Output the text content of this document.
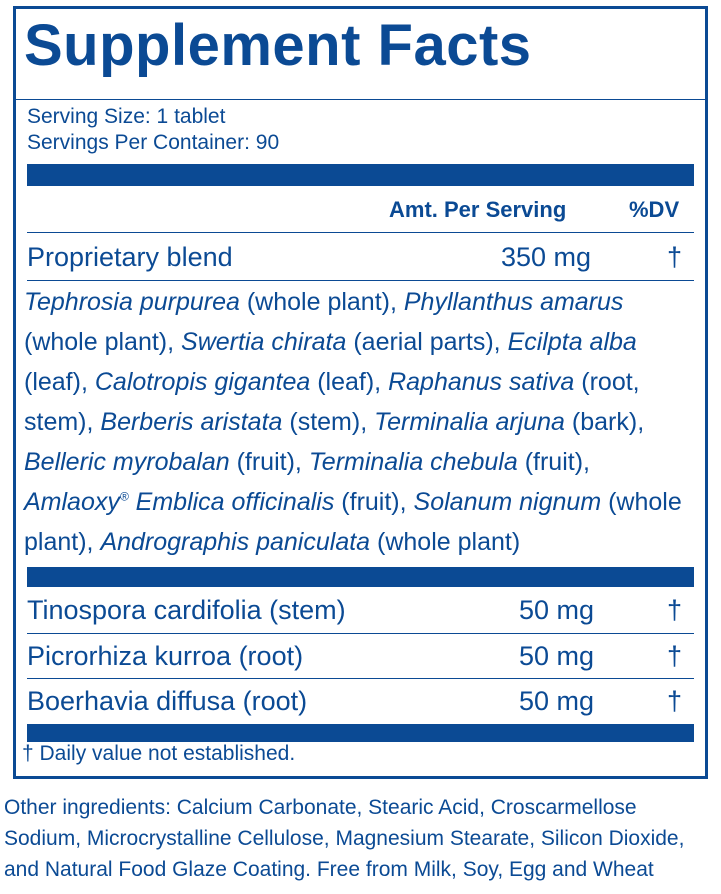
Supplement Facts
Serving Size: 1 tablet
Servings Per Container: 90
Amt. Per Serving	%DV
Proprietary blend	350 mg	†
Tinospora cardifolia (stem)	50 mg	†
Picrorhiza kurroa (root)	50 mg	†
Boerhavia diffusa (root)	50 mg	†
Tephrosia purpurea (whole plant), Phyllanthus amarus (whole plant), Swertia chirata (aerial parts), Ecilpta alba (leaf), Calotropis gigantea (leaf), Raphanus sativa (root, stem), Berberis aristata (stem), Terminalia arjuna (bark), Belleric myrobalan (fruit), Terminalia chebula (fruit), Amlaoxy® Emblica officinalis (fruit), Solanum nignum (whole plant), Andrographis paniculata (whole plant)
† Daily value not established.
Other ingredients: Calcium Carbonate, Stearic Acid, Croscarmellose Sodium, Microcrystalline Cellulose, Magnesium Stearate, Silicon Dioxide, and Natural Food Glaze Coating. Free from Milk, Soy, Egg and Wheat
